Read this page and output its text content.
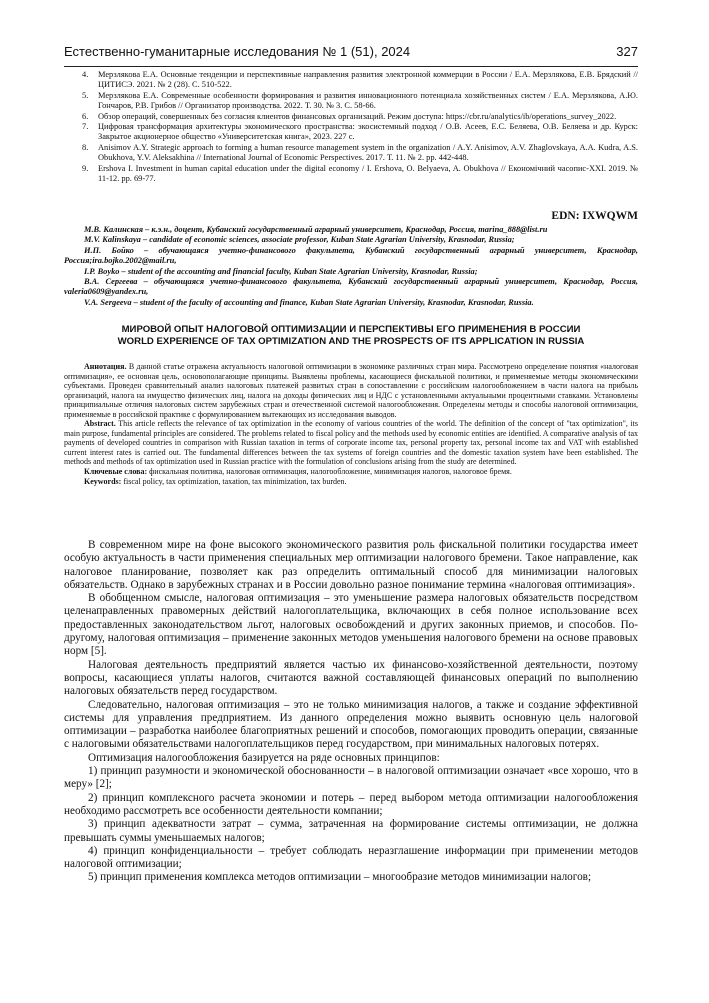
Естественно-гуманитарные исследования № 1 (51), 2024	327
4. Мерзлякова Е.А. Основные тенденции и перспективные направления развития электронной коммерции в России / Е.А. Мерзлякова, Е.В. Брядский // ЦИТИСЭ. 2021. № 2 (28). С. 510-522.
5. Мерзлякова Е.А. Современные особенности формирования и развития инновационного потенциала хозяйственных систем / Е.А. Мерзлякова, А.Ю. Гончаров, Р.В. Грибов // Организатор производства. 2022. Т. 30. № 3. С. 58-66.
6. Обзор операций, совершенных без согласия клиентов финансовых организаций. Режим доступа: https://cbr.ru/analytics/ib/operations_survey_2022.
7. Цифровая трансформация архитектуры экономического пространства: экосистемный подход / О.В. Асеев, Е.С. Беляева, О.В. Беляева и др. Курск: Закрытое акционерное общество «Университетская книга», 2023. 227 с.
8. Anisimov A.Y. Strategic approach to forming a human resource management system in the organization / A.Y. Anisimov, A.V. Zhaglovskaya, A.A. Kudra, A.S. Obukhova, Y.V. Aleksakhina // International Journal of Economic Perspectives. 2017. Т. 11. № 2. pp. 442-448.
9. Ershova I. Investment in human capital education under the digital economy / I. Ershova, O. Belyaeva, A. Obukhova // Економічний часопис-XXI. 2019. № 11-12. pp. 69-77.
EDN: IXWQWM
М.В. Калинская – к.э.н., доцент, Кубанский государственный аграрный университет, Краснодар, Россия, marina_888@list.ru
M.V. Kalinskaya – candidate of economic sciences, associate professor, Kuban State Agrarian University, Krasnodar, Russia;
И.П. Бойко – обучающаяся учетно-финансового факультета, Кубанский государственный аграрный университет, Краснодар, Россия;ira.bojko.2002@mail.ru,
I.P. Boyko – student of the accounting and financial faculty, Kuban State Agrarian University, Krasnodar, Russia;
В.А. Сергеева – обучающаяся учетно-финансового факультета, Кубанский государственный аграрный университет, Краснодар, Россия, valeria0609@yandex.ru,
V.A. Sergeeva – student of the faculty of accounting and finance, Kuban State Agrarian University, Krasnodar, Krasnodar, Russia.
МИРОВОЙ ОПЫТ НАЛОГОВОЙ ОПТИМИЗАЦИИ И ПЕРСПЕКТИВЫ ЕГО ПРИМЕНЕНИЯ В РОССИИ
WORLD EXPERIENCE OF TAX OPTIMIZATION AND THE PROSPECTS OF ITS APPLICATION IN RUSSIA

Аннотация. В данной статье отражена актуальность налоговой оптимизации в экономике различных стран мира. Рассмотрено определение понятия «налоговая оптимизация», ее основная цель, основополагающие принципы. Выявлены проблемы, касающиеся фискальной политики, и применяемые методы экономическими субъектами. Проведен сравнительный анализ налоговых платежей развитых стран в сопоставлении с российским налогообложением в части налога на прибыль организаций, налога на имущество физических лиц, налога на доходы физических лиц и НДС с установленными актуальными процентными ставками. Установлены принципиальные отличия налоговых систем зарубежных стран и отечественной системой налогообложения. Определены методы и способы налоговой оптимизации, применяемые в российской практике с формулированием вытекающих из исследования выводов.

Abstract. This article reflects the relevance of tax optimization in the economy of various countries of the world. The definition of the concept of "tax optimization", its main purpose, fundamental principles are considered. The problems related to fiscal policy and the methods used by economic entities are identified. A comparative analysis of tax payments of developed countries in comparison with Russian taxation in terms of corporate income tax, personal property tax, personal income tax and VAT with established current interest rates is carried out. The fundamental differences between the tax systems of foreign countries and the domestic taxation system have been established. The methods and methods of tax optimization used in Russian practice with the formulation of conclusions arising from the study are determined.

Ключевые слова: фискальная политика, налоговая оптимизация, налогообложение, минимизация налогов, налоговое бремя.

Keywords: fiscal policy, tax optimization, taxation, tax minimization, tax burden.

В современном мире на фоне высокого экономического развития роль фискальной политики государства имеет особую актуальность в части применения специальных мер оптимизации налогового бремени. Такое направление, как налоговое планирование, позволяет как раз определить оптимальный способ для минимизации налоговых обязательств. Однако в зарубежных странах и в России довольно разное понимание термина «налоговая оптимизация».

В обобщенном смысле, налоговая оптимизация – это уменьшение размера налоговых обязательств посредством целенаправленных правомерных действий налогоплательщика, включающих в себя полное использование всех предоставленных законодательством льгот, налоговых освобождений и других законных приемов, и способов. По-другому, налоговая оптимизация – применение законных методов уменьшения налогового бремени на основе правовых норм [5].

Налоговая деятельность предприятий является частью их финансово-хозяйственной деятельности, поэтому вопросы, касающиеся уплаты налогов, считаются важной составляющей финансовых операций по выполнению налоговых обязательств перед государством.

Следовательно, налоговая оптимизация – это не только минимизация налогов, а также и создание эффективной системы для управления предприятием. Из данного определения можно выявить основную цель налоговой оптимизации – разработка наиболее благоприятных решений и способов, помогающих проводить операции, связанные с налоговыми обязательствами налогоплательщиков перед государством, при минимальных налоговых потерях.

Оптимизация налогообложения базируется на ряде основных принципов:

1) принцип разумности и экономической обоснованности – в налоговой оптимизации означает «все хорошо, что в меру» [2];

2) принцип комплексного расчета экономии и потерь – перед выбором метода оптимизации налогообложения необходимо рассмотреть все особенности деятельности компании;

3) принцип адекватности затрат – сумма, затраченная на формирование системы оптимизации, не должна превышать суммы уменьшаемых налогов;

4) принцип конфиденциальности – требует соблюдать неразглашение информации при применении методов налоговой оптимизации;

5) принцип применения комплекса методов оптимизации – многообразие методов минимизации налогов;
